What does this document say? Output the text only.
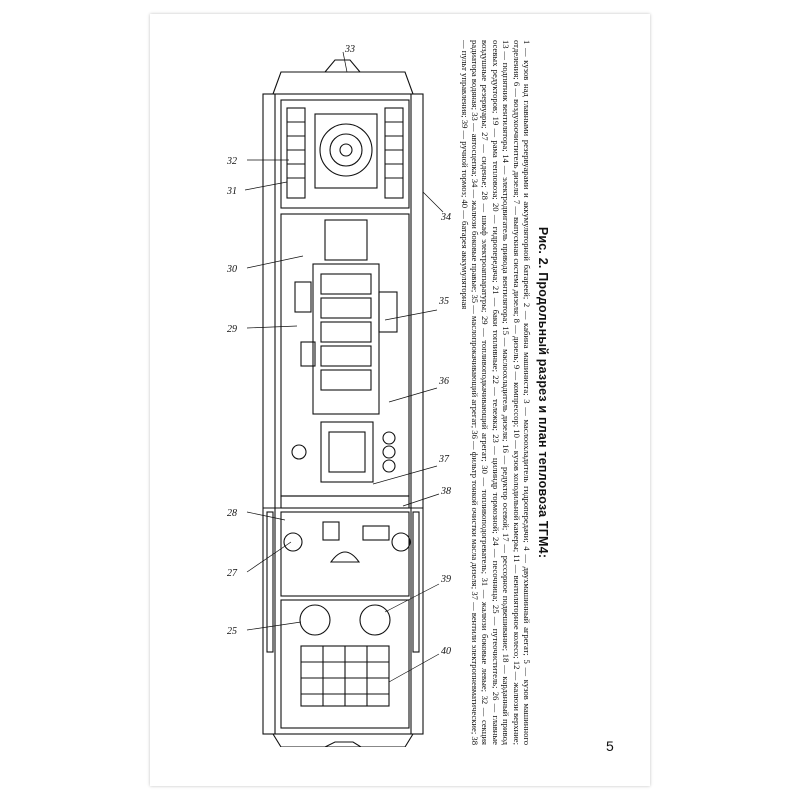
33
32
31
34
30
35
29
36
37
38
28
27
39
25
40

Рис. 2. Продольный разрез и план тепловоза ТГМ4:

1 — кузов над главными резервуарами и аккумуляторной батареей; 2 — кабина машиниста; 3 — маслоохладитель гидропередачи; 4 — двухмашинный агрегат; 5 — кузов машинного отделения; 6 — воздухоочиститель дизеля; 7 — выпускная система дизеля; 8 — дизель; 9 — компрессор; 10 — кузов холодильной камеры; 11 — вентиляторное колесо; 12 — жалюзи верхние; 13 — подпятник вентилятора; 14 — электродвигатель привода вентилятора; 15 — маслоохладитель дизеля; 16 — редуктор осевой; 17 — рессорное подвешивание; 18 — карданный привод осевых редукторов; 19 — рама тепловоза; 20 — гидропередача; 21 — баки топливные; 22 — тележка; 23 — цилиндр тормозной; 24 — песочница; 25 — путеочиститель; 26 — главные воздушные резервуары; 27 — сиденье; 28 — шкаф электроаппаратуры; 29 — топливоподкачивающий агрегат; 30 — топливоподогреватель; 31 — жалюзи боковые левые; 32 — секция радиатора водяная; 33 — автосцепка; 34 — жалюзи боковые правые; 35 — маслопрокачивающий агрегат; 36 — фильтр тонкой очистки масла дизеля; 37 — вентили электропневматические; 38 — пульт управления; 39 — ручной тормоз; 40 — батарея аккумуляторная

5
